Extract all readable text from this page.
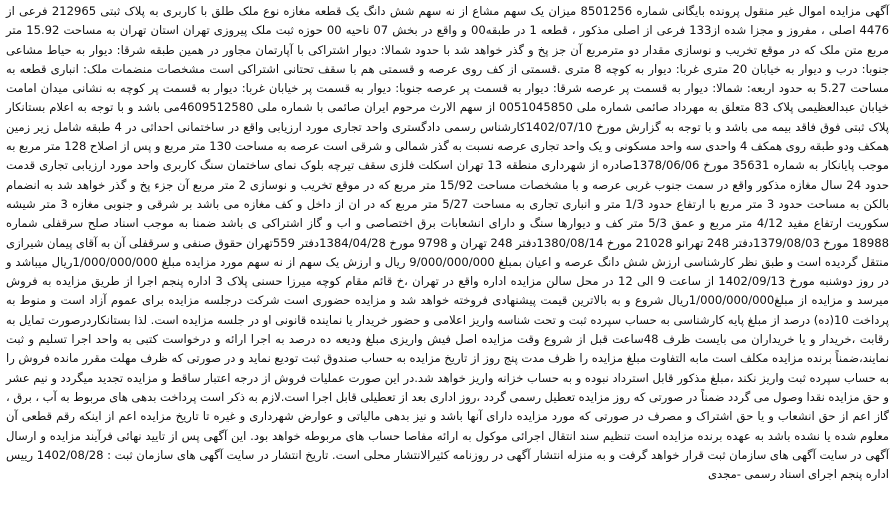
آگهی مزایده اموال غیر منقول پرونده بایگانی شماره 8501256 میزان یک سهم مشاع از نه سهم شش دانگ یک قطعه مغازه نوع ملک طلق با کاربری به پلاک ثبتی 212965 فرعی از 4476 اصلی ، مفروز و مجزا شده از133 فرعی از اصلی مذکور ، قطعه 1 در طبقه00 و واقع در بخش 07 ناحیه 00 حوزه ثبت ملک پیروزی تهران استان تهران به مساحت 15.92 متر مربع متن ملک که در موقع تخریب و نوسازی مقدار دو مترمربع آن جز پخ و گذر خواهد شد با حدود شمالا: دیوار اشتراکی با آپارتمان مجاور در همین طبقه شرقا: دیوار به حیاط مشاعی جنوبا: درب و دیوار به خیابان 20 متری غربا: دیوار به کوچه 8 متری .قسمتی از کف روی عرصه و قسمتی هم با سقف تحتانی اشتراکی است مشخصات منضمات ملک: انباری قطعه به مساحت 5.27 به حدود اربعه: شمالا: دیوار به قسمت پر عرصه شرقا: دیوار به قسمت پر عرصه جنوبا: دیوار به قسمت پر خیابان غربا: دیوار به قسمت پر کوچه به نشانی میدان امامت خیابان عبدالعظیمی پلاک 83 متعلق به مهرداد صائمی شماره ملی 0051045850 از سهم الارث مرحوم ایران صائمی با شماره ملی 4609512580می باشد و با توجه به اعلام بستانکار پلاک ثبتی فوق فاقد بیمه می باشد و با توجه به گزارش مورخ 1402/07/10کارشناس رسمی دادگستری واحد تجاری مورد ارزیابی واقع در ساختمانی احداثی در 4 طبقه شامل زیر زمین همکف ودو طبقه روی همکف 4 واحدی سه واحد مسکونی و یک واحد تجاری عرصه نسبت به گذر شمالی و شرقی است عرصه به مساحت 130 متر مربع و پس از اصلاح 128 متر مربع به موجب پایانکار به شماره 35631 مورخ 1378/06/06صادره از شهرداری منطقه 13 تهران اسکلت فلزی سقف تیرچه بلوک نمای ساختمان سنگ کاربری واحد مورد ارزیابی تجاری قدمت حدود 24 سال مغازه مذکور واقع در سمت جنوب غربی عرصه و با مشخصات مساحت 15/92 متر مربع که در موقع تخریب و نوسازی 2 متر مربع آن جزء پخ و گذر خواهد شد به انضمام بالکن به مساحت حدود 3 متر مربع با ارتفاع حدود 1/3 متر و انباری تجاری به مساحت 5/27 متر مربع که در ان از داخل و کف مغازه می باشد بر شرقی و جنوبی مغازه 3 متر شیشه سکوریت ارتفاع مفید 4/12 متر مربع و عمق 5/3 متر کف و دیوارها سنگ و دارای انشعابات برق اختصاصی و اب و گاز اشتراکی ی باشد ضمنا به موجب اسناد صلح سرقفلی شماره 18988 مورخ 1379/08/03دفتر 248 تهرانو 21028 مورخ 1380/08/14دفتر 248 تهران و 9798 مورخ 1384/04/28دفتر 559تهران حقوق صنفی و سرقفلی آن به آقای پیمان شیرازی منتقل گردیده است و طبق نظر کارشناسی ارزش شش دانگ عرصه و اعیان بمبلغ 9/000/000/000 ریال و ارزش یک سهم از نه سهم مورد مزایده مبلغ 1/000/000/000ریال میباشد و در روز دوشنبه مورخ 1402/09/13 از ساعت 9 الی 12 در محل سالن مزایده اداره واقع در تهران ،خ قائم مقام کوچه میرزا حسنی پلاک 3 اداره پنجم اجرا از طریق مزایده به فروش میرسد و مزایده از مبلغ1/000/000/000ریال شروع و به بالاترین قیمت پیشنهادی فروخته خواهد شد و مزایده حضوری است شرکت درجلسه مزایده برای عموم آزاد است و منوط به پرداخت 10(ده) درصد از مبلغ پایه کارشناسی به حساب سپرده ثبت و تحت شناسه واریز اعلامی و حضور خریدار یا نماینده قانونی او در جلسه مزایده است. لذا بستانکاردرصورت تمایل به رقابت ،خریدار و یا خریداران می بایست ظرف 48ساعت قبل از شروع وقت مزایده اصل فیش واریزی مبلغ ودیعه ده درصد به اجرا ارائه و درخواست کتبی به واحد اجرا تسلیم و ثبت نمایند،ضمناً برنده مزایده مکلف است مابه التفاوت مبلغ مزایده را ظرف مدت پنج روز از تاریخ مزایده به حساب صندوق ثبت تودیع نماید و در صورتی که ظرف مهلت مقرر مانده فروش را به حساب سپرده ثبت واریز نکند ،مبلغ مذکور قابل استرداد نبوده و به حساب خزانه واریز خواهد شد.در این صورت عملیات فروش از درجه اعتبار ساقط و مزایده تجدید میگردد و نیم عشر و حق مزایده نقدا وصول می گردد ضمناً در صورتی که روز مزایده تعطیل رسمی گردد ،روز اداری بعد از تعطیلی قابل اجرا است.لازم به ذکر است پرداخت بدهی های مربوط به آب ، برق ، گاز اعم از حق انشعاب و یا حق اشتراک و مصرف در صورتی که مورد مزایده دارای آنها باشد و نیز بدهی مالیاتی و عوارض شهرداری و غیره تا تاریخ مزایده اعم از اینکه رقم قطعی آن معلوم شده یا نشده باشد به عهده برنده مزایده است تنظیم سند انتقال اجرائی موکول به ارائه مفاصا حساب های مربوطه خواهد بود. این آگهی پس از تایید نهائی فرآیند مزایده و ارسال آگهی در سایت آگهی های سازمان ثبت قرار خواهد گرفت و به منزله انتشار آگهی در روزنامه کثیرالانتشار محلی است. تاریخ انتشار در سایت آگهی های سازمان ثبت : 1402/08/28 رییس اداره پنجم اجرای اسناد رسمی -مجدی
